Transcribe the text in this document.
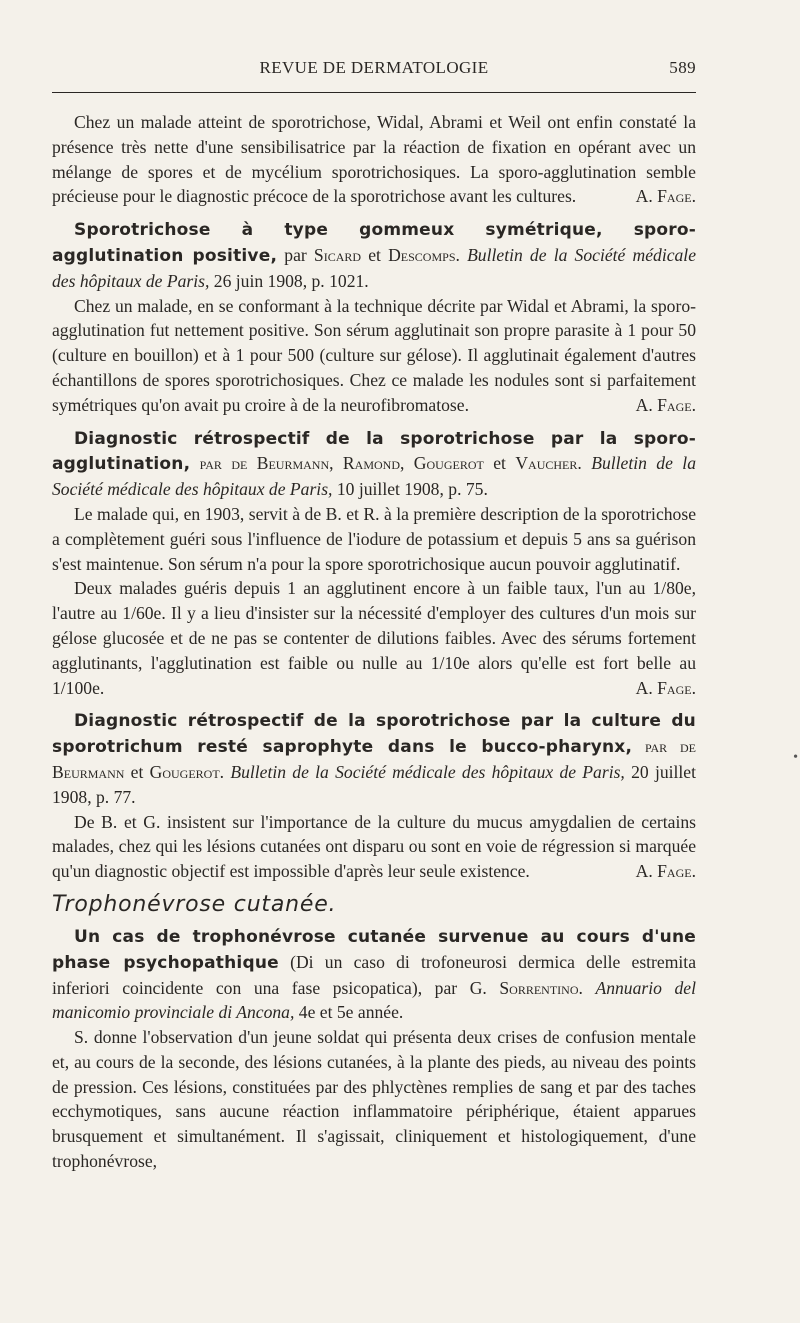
REVUE DE DERMATOLOGIE	589

Chez un malade atteint de sporotrichose, Widal, Abrami et Weil ont enfin constaté la présence très nette d'une sensibilisatrice par la réaction de fixation en opérant avec un mélange de spores et de mycélium sporotrichosiques. La sporo-agglutination semble précieuse pour le diagnostic précoce de la sporotrichose avant les cultures.	A. Fage.

Sporotrichose à type gommeux symétrique, sporo-agglutination positive, par Sicard et Descomps. Bulletin de la Société médicale des hôpitaux de Paris, 26 juin 1908, p. 1021.

Chez un malade, en se conformant à la technique décrite par Widal et Abrami, la sporo-agglutination fut nettement positive. Son sérum agglutinait son propre parasite à 1 pour 50 (culture en bouillon) et à 1 pour 500 (culture sur gélose). Il agglutinait également d'autres échantillons de spores sporotrichosiques. Chez ce malade les nodules sont si parfaitement symétriques qu'on avait pu croire à de la neurofibromatose.	A. Fage.

Diagnostic rétrospectif de la sporotrichose par la sporo-agglutination, par de Beurmann, Ramond, Gougerot et Vaucher. Bulletin de la Société médicale des hôpitaux de Paris, 10 juillet 1908, p. 75.

Le malade qui, en 1903, servit à de B. et R. à la première description de la sporotrichose a complètement guéri sous l'influence de l'iodure de potassium et depuis 5 ans sa guérison s'est maintenue. Son sérum n'a pour la spore sporotrichosique aucun pouvoir agglutinatif.

Deux malades guéris depuis 1 an agglutinent encore à un faible taux, l'un au 1/80e, l'autre au 1/60e. Il y a lieu d'insister sur la nécessité d'employer des cultures d'un mois sur gélose glucosée et de ne pas se contenter de dilutions faibles. Avec des sérums fortement agglutinants, l'agglutination est faible ou nulle au 1/10e alors qu'elle est fort belle au 1/100e.	A. Fage.

Diagnostic rétrospectif de la sporotrichose par la culture du sporotrichum resté saprophyte dans le bucco-pharynx, par de Beurmann et Gougerot. Bulletin de la Société médicale des hôpitaux de Paris, 20 juillet 1908, p. 77.

De B. et G. insistent sur l'importance de la culture du mucus amygdalien de certains malades, chez qui les lésions cutanées ont disparu ou sont en voie de régression si marquée qu'un diagnostic objectif est impossible d'après leur seule existence.	A. Fage.

Trophonévrose cutanée.

Un cas de trophonévrose cutanée survenue au cours d'une phase psychopathique (Di un caso di trofoneurosi dermica delle estremita inferiori coincidente con una fase psicopatica), par G. Sorrentino. Annuario del manicomio provinciale di Ancona, 4e et 5e année.

S. donne l'observation d'un jeune soldat qui présenta deux crises de confusion mentale et, au cours de la seconde, des lésions cutanées, à la plante des pieds, au niveau des points de pression. Ces lésions, constituées par des phlyctènes remplies de sang et par des taches ecchymotiques, sans aucune réaction inflammatoire périphérique, étaient apparues brusquement et simultanément. Il s'agissait, cliniquement et histologiquement, d'une trophonévrose,

•
